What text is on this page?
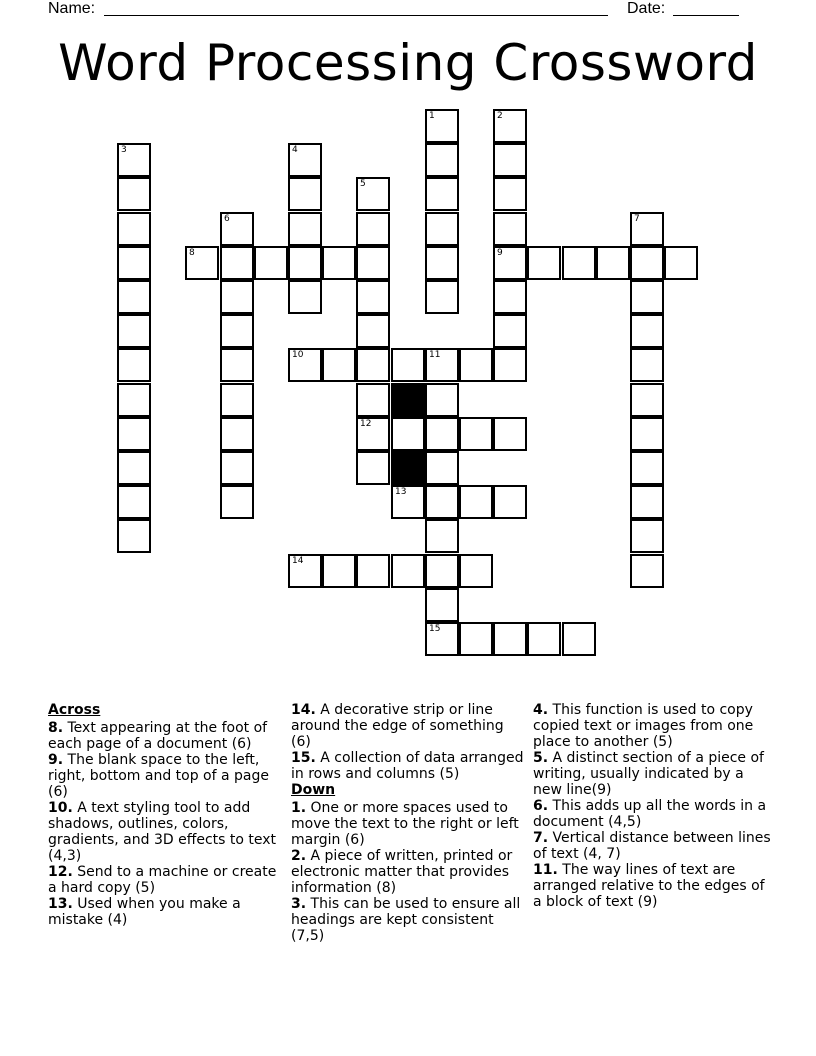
Name:	Date:
Word Processing Crossword
1	2
9
3	4
5
12
6	7
8
10	11
15
13
14
Across
8. Text appearing at the foot of each page of a document (6)
9. The blank space to the left, right, bottom and top of a page (6)
10. A text styling tool to add shadows, outlines, colors, gradients, and 3D effects to text (4,3)
12. Send to a machine or create a hard copy (5)
13. Used when you make a mistake (4)
14. A decorative strip or line around the edge of something (6)
15. A collection of data arranged in rows and columns (5)
Down
1. One or more spaces used to move the text to the right or left margin (6)
2. A piece of written, printed or electronic matter that provides information (8)
3. This can be used to ensure all headings are kept consistent (7,5)
4. This function is used to copy copied text or images from one place to another (5)
5. A distinct section of a piece of writing, usually indicated by a new line(9)
6. This adds up all the words in a document (4,5)
7. Vertical distance between lines of text (4, 7)
11. The way lines of text are arranged relative to the edges of a block of text (9)
